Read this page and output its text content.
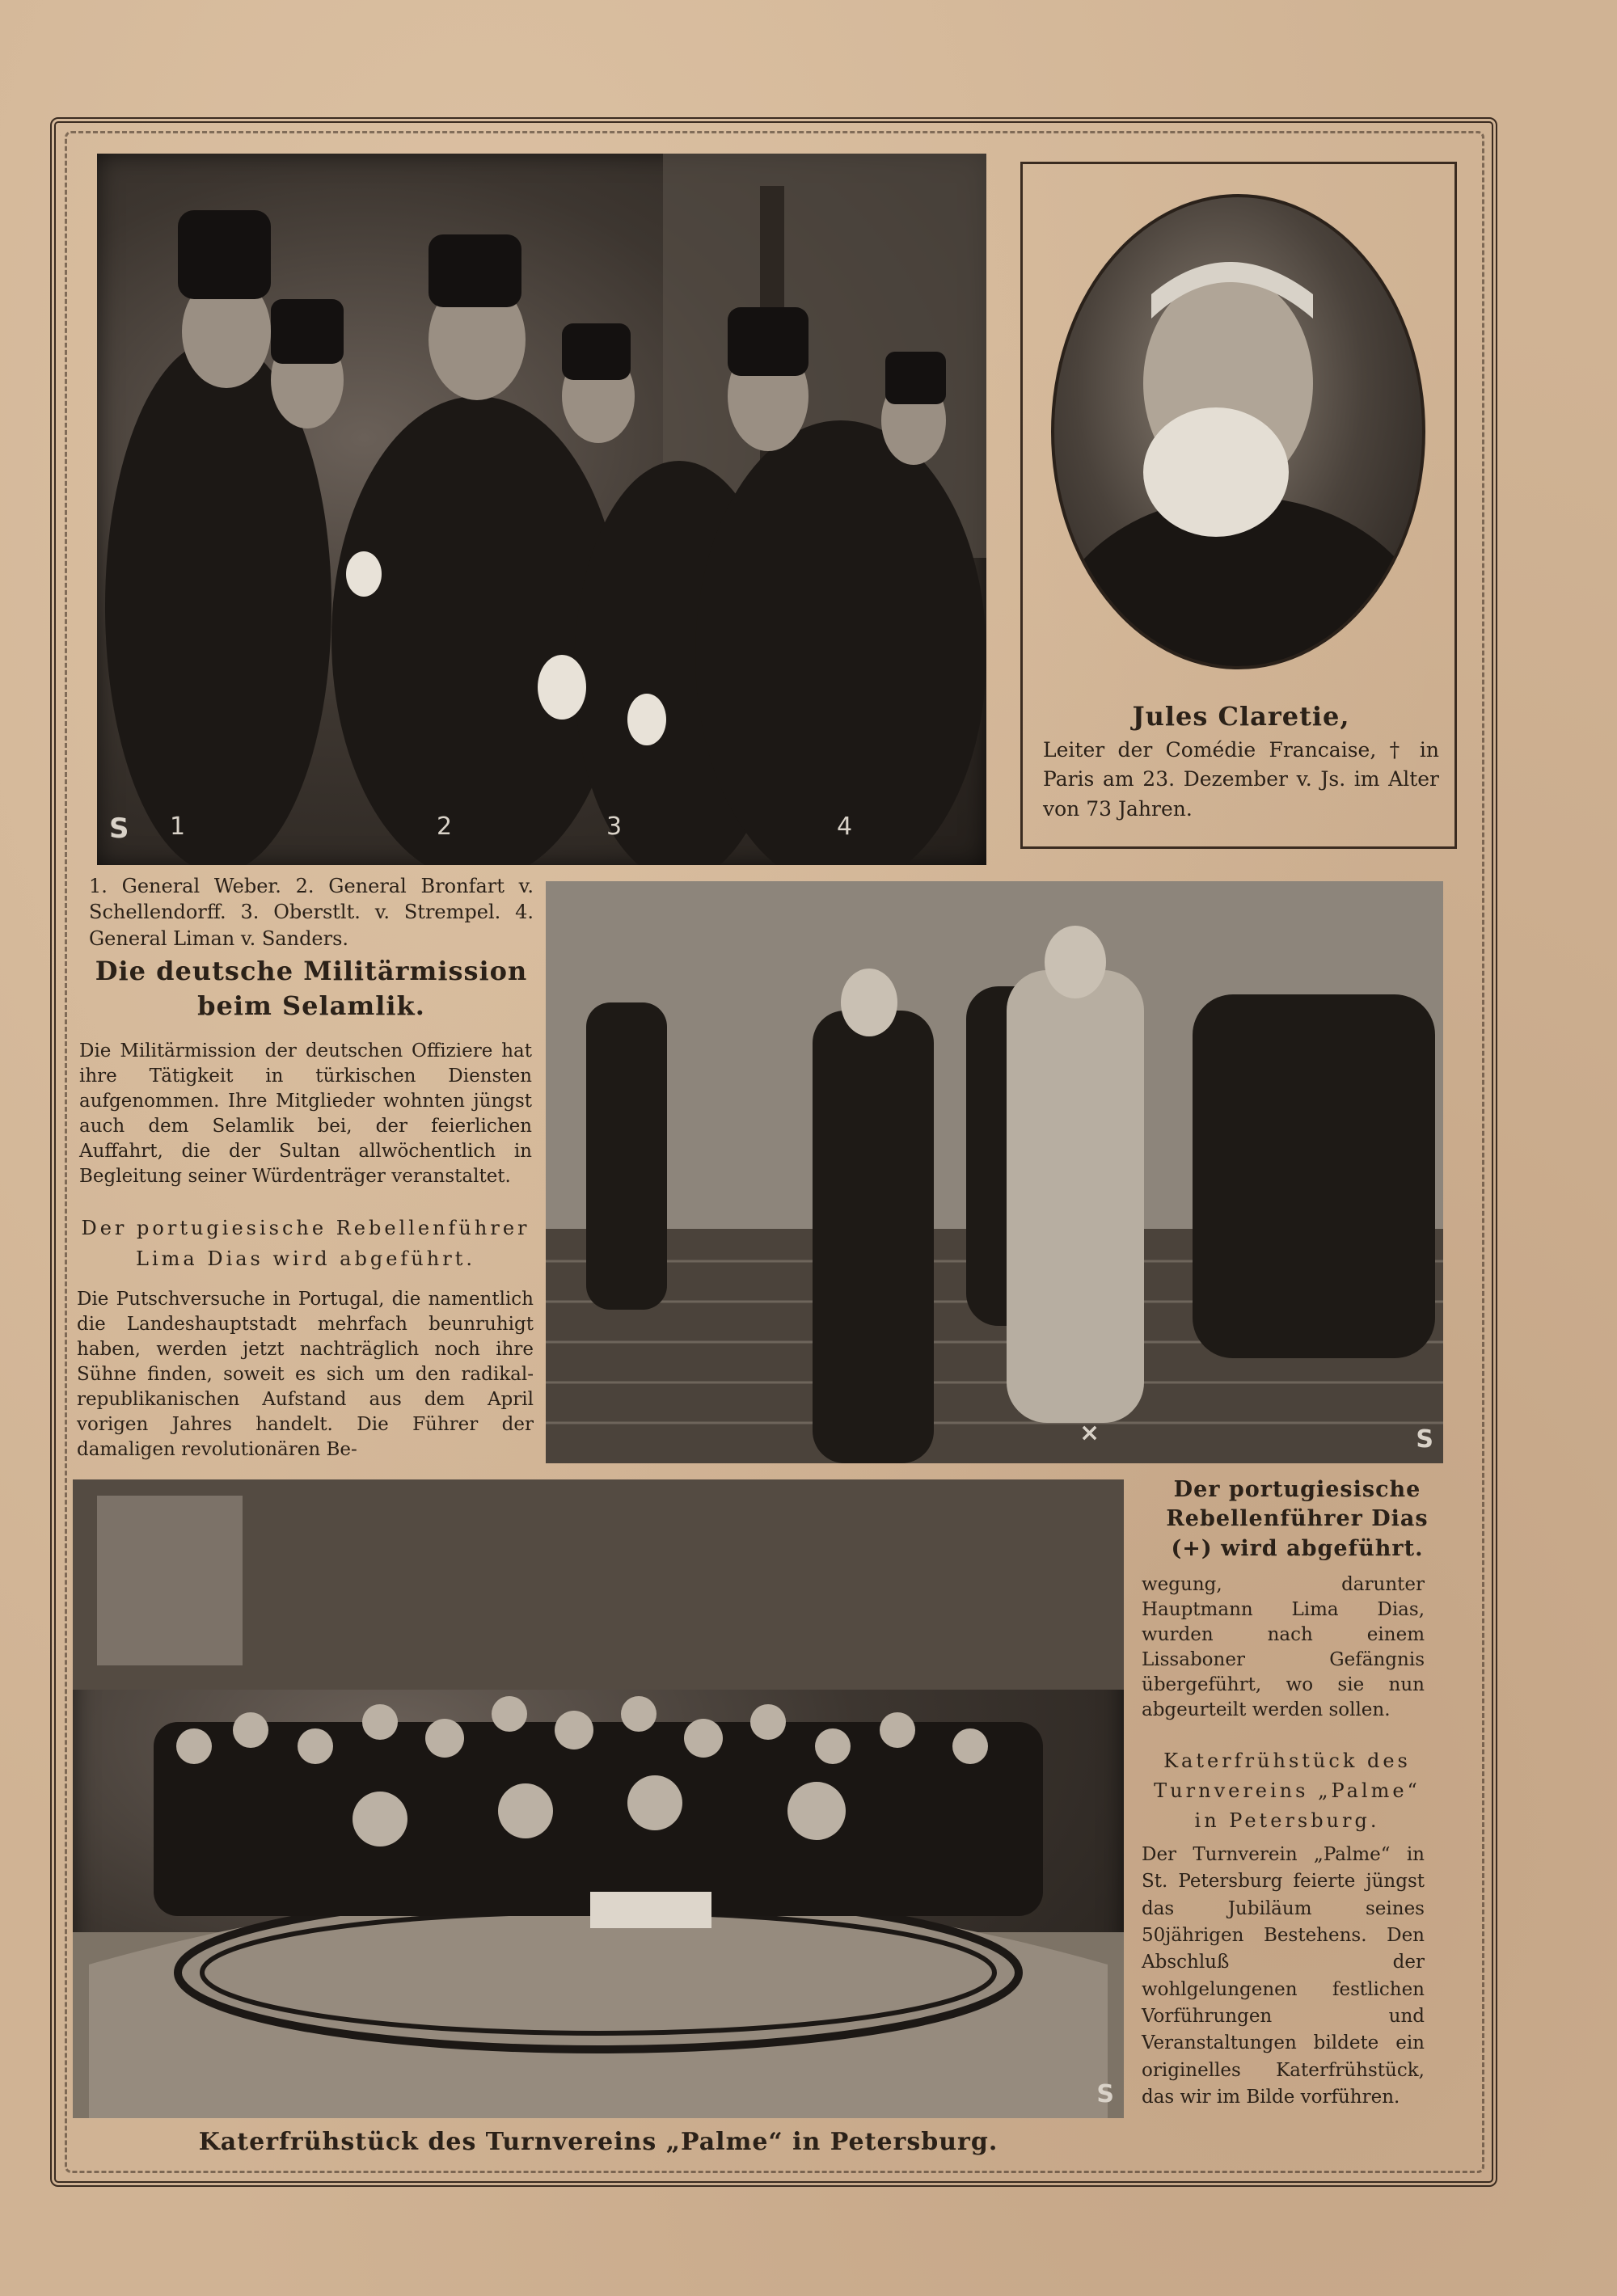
S 1	2	3	4
Jules Claretie,
Leiter der Comédie Francaise, † in Paris am 23. Dezember v. Js. im Alter von 73 Jahren.
1. General Weber. 2. General Bronfart v. Schellendorff. 3. Oberstlt. v. Strempel. 4. General Liman v. Sanders.
Die deutsche Militärmission beim Selamlik.
Die Militärmission der deutschen Offiziere hat ihre Tätigkeit in türkischen Diensten aufgenommen. Ihre Mitglieder wohnten jüngst auch dem Selamlik bei, der feierlichen Auffahrt, die der Sultan allwöchentlich in Begleitung seiner Würdenträger veranstaltet.
Der portugiesische Rebellenführer Lima Dias wird abgeführt.
Die Putschversuche in Portugal, die namentlich die Landeshauptstadt mehrfach beunruhigt haben, werden jetzt nachträglich noch ihre Sühne finden, soweit es sich um den radikal-republikanischen Aufstand aus dem April vorigen Jahres handelt. Die Führer der damaligen revolutionären Be-
×	S
S
Der portugiesische Rebellenführer Dias (+) wird abgeführt.
wegung, darunter Hauptmann Lima Dias, wurden nach einem Lissaboner Gefängnis übergeführt, wo sie nun abgeurteilt werden sollen.
Katerfrühstück des Turnvereins „Palme“ in Petersburg.
Der Turnverein „Palme“ in St. Petersburg feierte jüngst das Jubiläum seines 50jährigen Bestehens. Den Abschluß der wohlgelungenen festlichen Vorführungen und Veranstaltungen bildete ein originelles Katerfrühstück, das wir im Bilde vorführen.
Katerfrühstück des Turnvereins „Palme“ in Petersburg.
